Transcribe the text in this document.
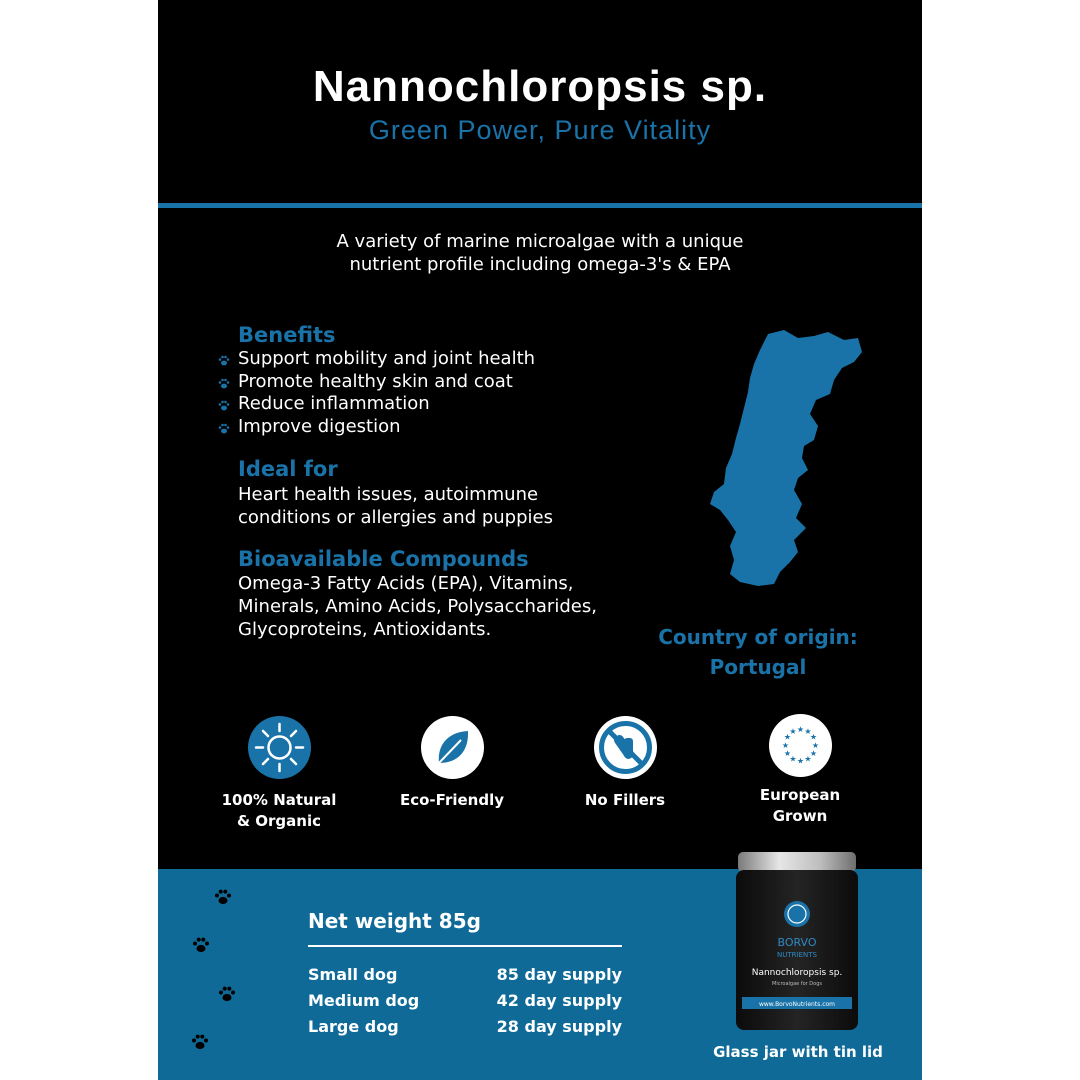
Nannochloropsis sp.
Green Power, Pure Vitality
A variety of marine microalgae with a unique
nutrient profile including omega-3's & EPA
Benefits
Support mobility and joint health
Promote healthy skin and coat
Reduce inflammation
Improve digestion
Ideal for
Heart health issues, autoimmune
conditions or allergies and puppies
Bioavailable Compounds
Omega-3 Fatty Acids (EPA), Vitamins,
Minerals, Amino Acids, Polysaccharides,
Glycoproteins, Antioxidants.	Country of origin:
Portugal
100% Natural
& Organic
Eco-Friendly	No Fillers
★ ★
★
★
★
★
★
★
★
★
★
★
European
Grown
Net weight 85g
Small dog	85 day supply
Medium dog	42 day supply
Large dog	28 day supply
Glass jar with tin lid
BORVO
NUTRIENTS
Nannochloropsis sp.
Microalgae for Dogs
www.BorvoNutrients.com
